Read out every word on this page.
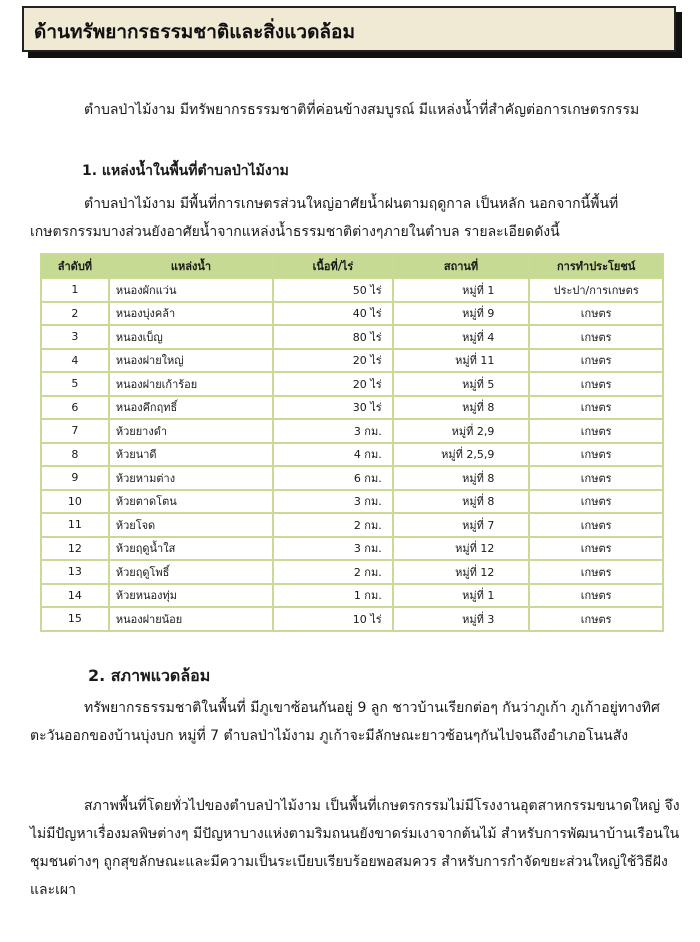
ด้านทรัพยากรธรรมชาติและสิ่งแวดล้อม

ตำบลป่าไม้งาม มีทรัพยากรธรรมชาติที่ค่อนข้างสมบูรณ์ มีแหล่งน้ำที่สำคัญต่อการเกษตรกรรม

1. แหล่งน้ำในพื้นที่ตำบลป่าไม้งาม

ตำบลป่าไม้งาม มีพื้นที่การเกษตรส่วนใหญ่อาศัยน้ำฝนตามฤดูกาล เป็นหลัก นอกจากนี้พื้นที่เกษตรกรรมบางส่วนยังอาศัยน้ำจากแหล่งน้ำธรรมชาติต่างๆภายในตำบล รายละเอียดดังนี้

ลำดับที่	แหล่งน้ำ	เนื้อที่/ไร่	สถานที่	การทำประโยชน์
1	หนองผักแว่น	50 ไร่	หมู่ที่ 1	ประปา/การเกษตร
2	หนองบุ่งคล้า	40 ไร่	หมู่ที่ 9	เกษตร
3	หนองเบ็ญ	80 ไร่	หมู่ที่ 4	เกษตร
4	หนองฝายใหญ่	20 ไร่	หมู่ที่ 11	เกษตร
5	หนองฝายเก้าร้อย	20 ไร่	หมู่ที่ 5	เกษตร
6	หนองคึกฤทธิ์	30 ไร่	หมู่ที่ 8	เกษตร
7	ห้วยยางดำ	3 กม.	หมู่ที่ 2,9	เกษตร
8	ห้วยนาดี	4 กม.	หมู่ที่ 2,5,9	เกษตร
9	ห้วยหามต่าง	6 กม.	หมู่ที่ 8	เกษตร
10	ห้วยตาดโตน	3 กม.	หมู่ที่ 8	เกษตร
11	ห้วยโจด	2 กม.	หมู่ที่ 7	เกษตร
12	ห้วยฤดูน้ำใส	3 กม.	หมู่ที่ 12	เกษตร
13	ห้วยฤดูโพธิ์	2 กม.	หมู่ที่ 12	เกษตร
14	ห้วยหนองทุ่ม	1 กม.	หมู่ที่ 1	เกษตร
15	หนองฝายน้อย	10 ไร่	หมู่ที่ 3	เกษตร
2. สภาพแวดล้อม

ทรัพยากรธรรมชาติในพื้นที่ มีภูเขาซ้อนกันอยู่ 9 ลูก ชาวบ้านเรียกต่อๆ กันว่าภูเก้า ภูเก้าอยู่ทางทิศตะวันออกของบ้านบุ่งบก หมู่ที่ 7 ตำบลป่าไม้งาม ภูเก้าจะมีลักษณะยาวซ้อนๆกันไปจนถึงอำเภอโนนสัง

สภาพพื้นที่โดยทั่วไปของตำบลป่าไม้งาม เป็นพื้นที่เกษตรกรรมไม่มีโรงงานอุตสาหกรรมขนาดใหญ่ จึงไม่มีปัญหาเรื่องมลพิษต่างๆ มีปัญหาบางแห่งตามริมถนนยังขาดร่มเงาจากต้นไม้ สำหรับการพัฒนาบ้านเรือนในชุมชนต่างๆ ถูกสุขลักษณะและมีความเป็นระเบียบเรียบร้อยพอสมควร สำหรับการกำจัดขยะส่วนใหญ่ใช้วิธีฝังและเผา
